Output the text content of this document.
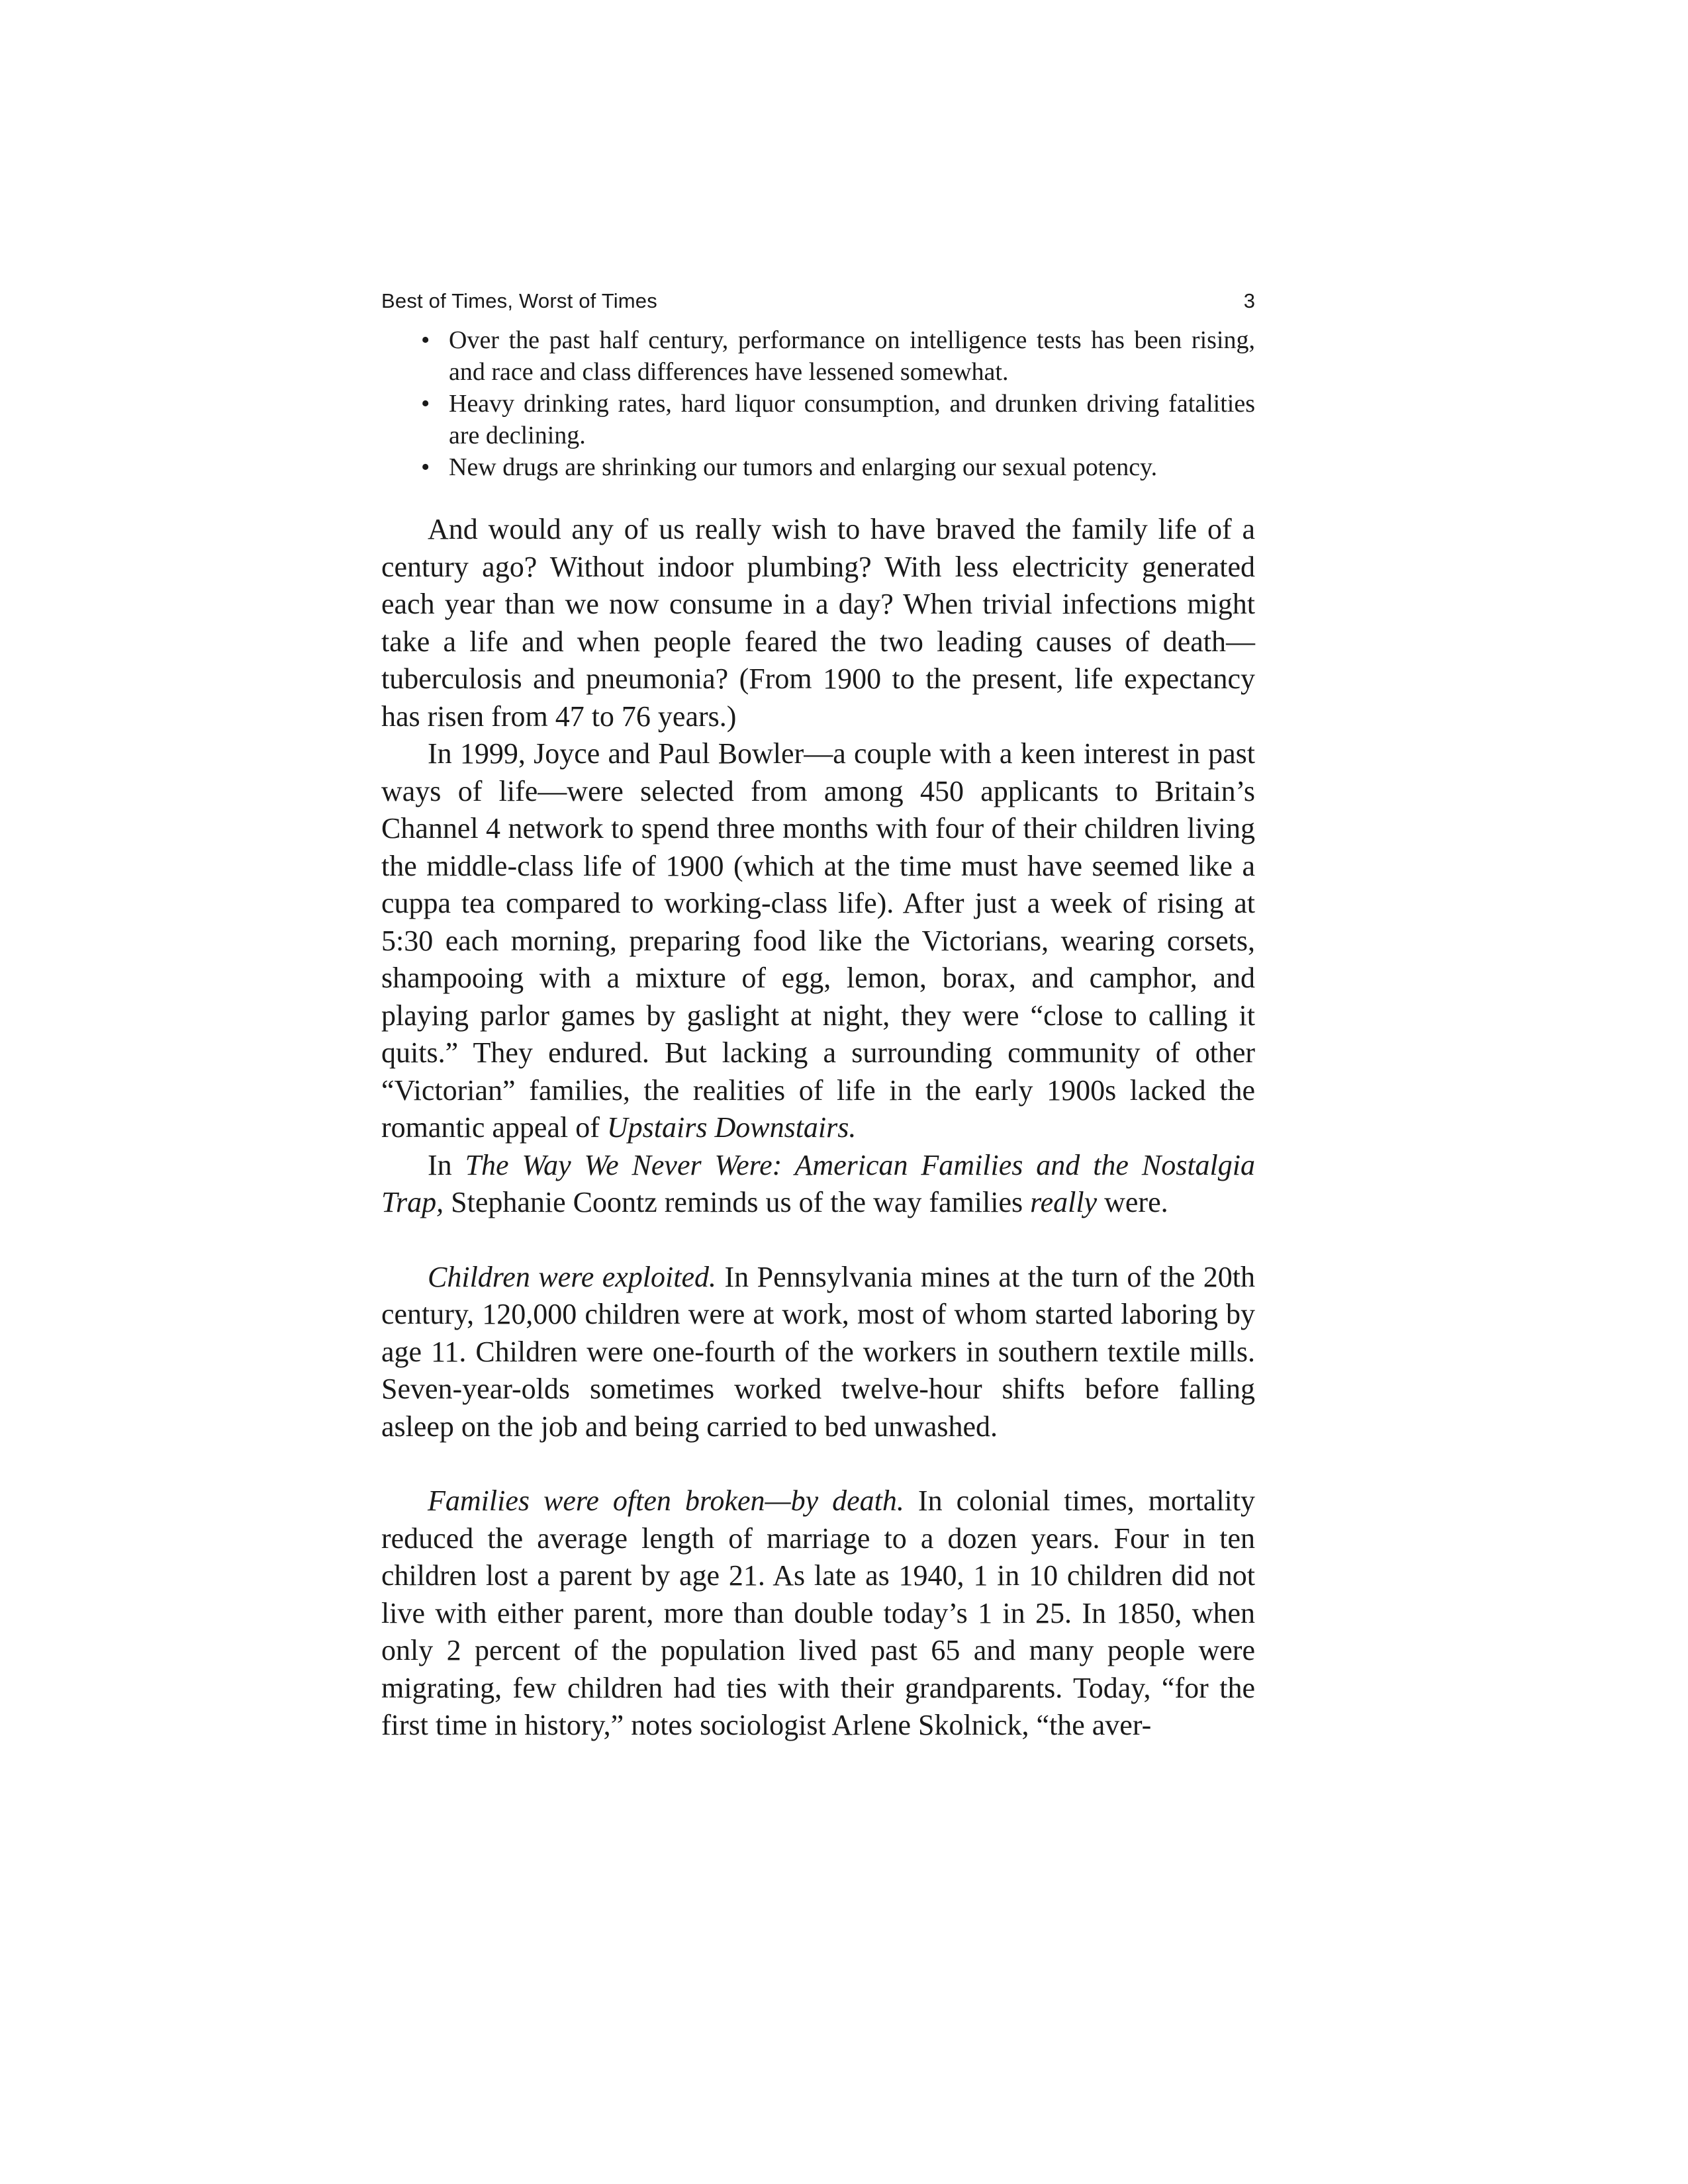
Best of Times, Worst of Times	3
• Over the past half century, performance on intelligence tests has been rising, and race and class differences have lessened somewhat.
• Heavy drinking rates, hard liquor consumption, and drunken driving fatalities are declining.
• New drugs are shrinking our tumors and enlarging our sexual potency.

And would any of us really wish to have braved the family life of a century ago? Without indoor plumbing? With less electricity generated each year than we now consume in a day? When trivial infections might take a life and when people feared the two leading causes of death—tuberculosis and pneumonia? (From 1900 to the present, life expectancy has risen from 47 to 76 years.)

In 1999, Joyce and Paul Bowler—a couple with a keen interest in past ways of life—were selected from among 450 applicants to Britain’s Channel 4 network to spend three months with four of their children living the middle-class life of 1900 (which at the time must have seemed like a cuppa tea compared to working-class life). After just a week of rising at 5:30 each morning, preparing food like the Victorians, wearing corsets, shampooing with a mixture of egg, lemon, borax, and camphor, and playing parlor games by gaslight at night, they were “close to calling it quits.” They endured. But lacking a surrounding community of other “Victorian” families, the realities of life in the early 1900s lacked the romantic appeal of Upstairs Downstairs.

In The Way We Never Were: American Families and the Nostalgia Trap, Stephanie Coontz reminds us of the way families really were.

Children were exploited. In Pennsylvania mines at the turn of the 20th century, 120,000 children were at work, most of whom started laboring by age 11. Children were one-fourth of the workers in southern textile mills. Seven-year-olds sometimes worked twelve-hour shifts before falling asleep on the job and being carried to bed unwashed.

Families were often broken—by death. In colonial times, mortality reduced the average length of marriage to a dozen years. Four in ten children lost a parent by age 21. As late as 1940, 1 in 10 children did not live with either parent, more than double today’s 1 in 25. In 1850, when only 2 percent of the population lived past 65 and many people were migrating, few children had ties with their grandparents. Today, “for the first time in history,” notes sociologist Arlene Skolnick, “the aver-
